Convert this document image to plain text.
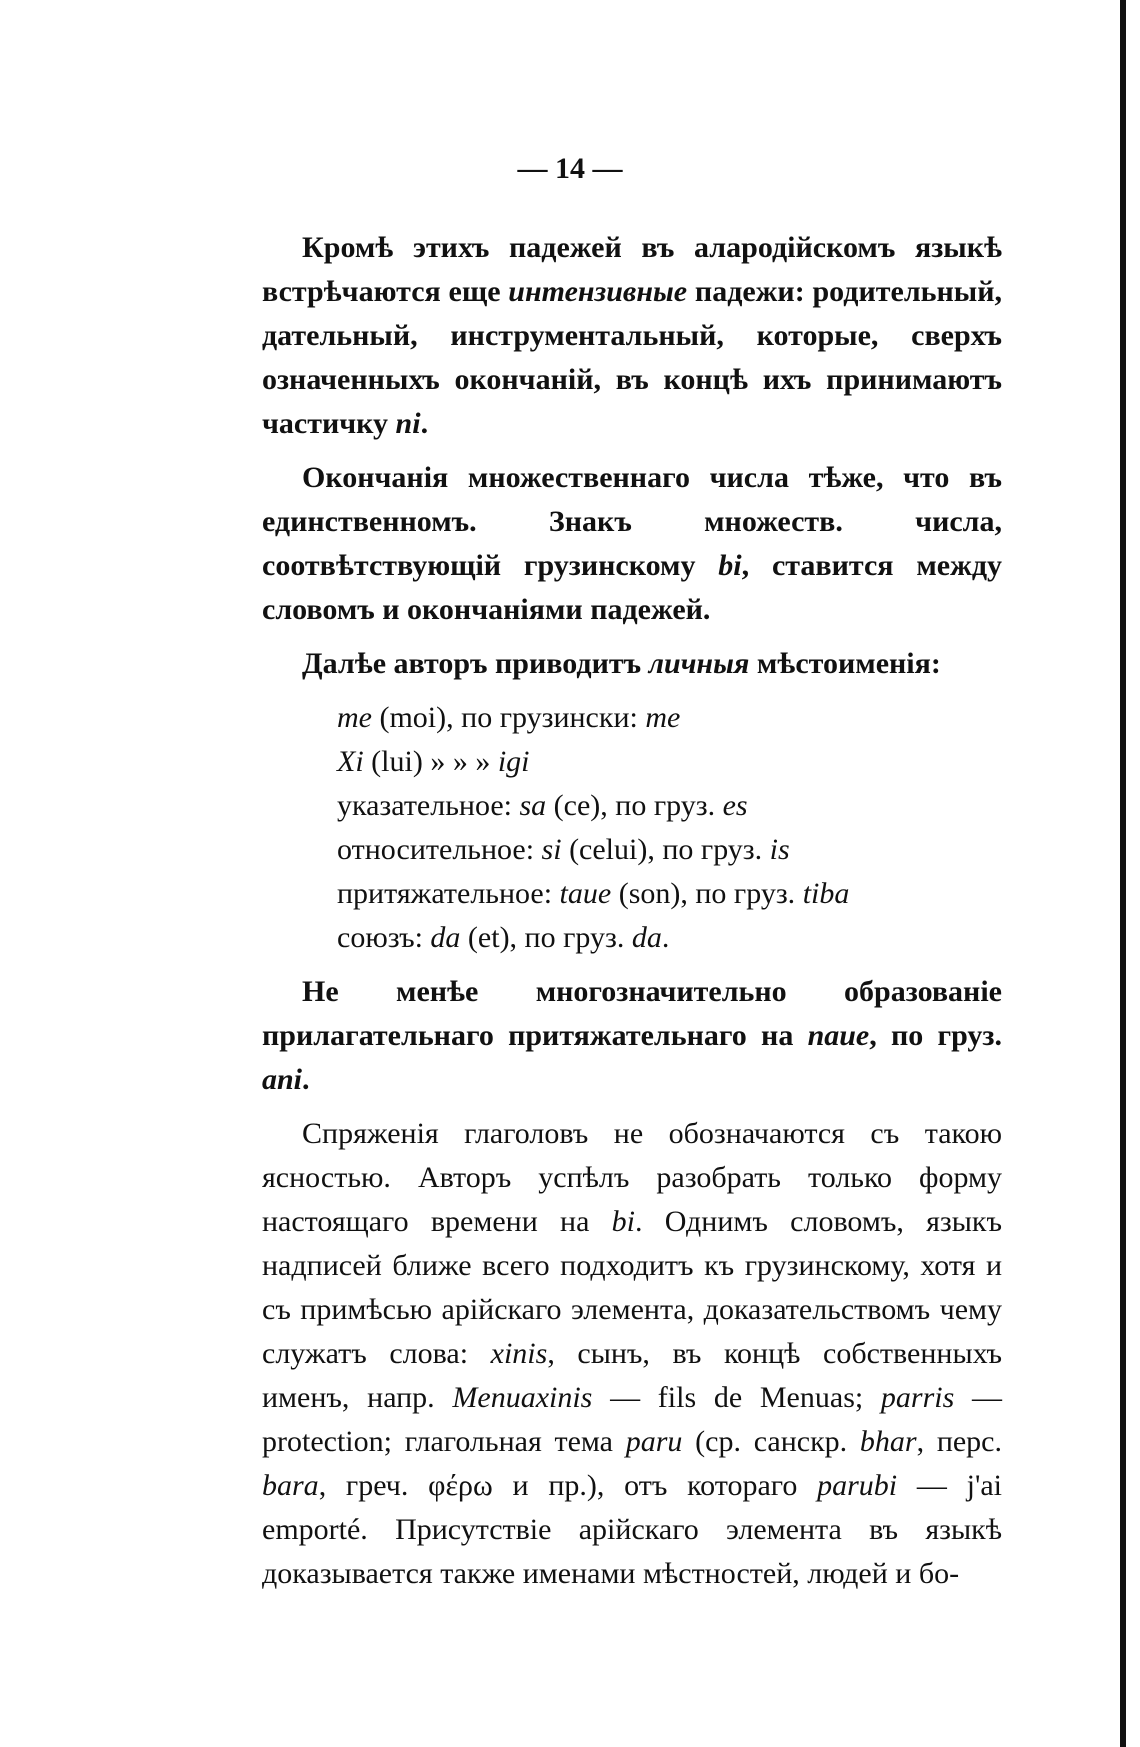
— 14 —

Кромѣ этихъ падежей въ алародійскомъ языкѣ встрѣчаются еще интензивные падежи: родительный, дательный, инструментальный, которые, сверхъ означенныхъ окончаній, въ концѣ ихъ принимаютъ частичку ni.

Окончанія множественнаго числа тѣже, что въ единственномъ. Знакъ множеств. числа, соотвѣтствующій грузинскому bi, ставится между словомъ и окончаніями падежей.

Далѣе авторъ приводитъ личныя мѣстоименія:

me (moi), по грузински: me
Xi (lui) » » » igi
указательное: sa (ce), по груз. es
относительное: si (celui), по груз. is
притяжательное: taue (son), по груз. tiba
союзъ: da (et), по груз. da.

Не менѣе многозначительно образованіе прилагательнаго притяжательнаго на naue, по груз. ani.

Спряженія глаголовъ не обозначаются съ такою ясностью. Авторъ успѣлъ разобрать только форму настоящаго времени на bi. Однимъ словомъ, языкъ надписей ближе всего подходитъ къ грузинскому, хотя и съ примѣсью арійскаго элемента, доказательствомъ чему служатъ слова: xinis, сынъ, въ концѣ собственныхъ именъ, напр. Menuaxinis — fils de Menuas; parris — protection; глагольная тема paru (ср. санскр. bhar, перс. bara, греч. φέρω и пр.), отъ котораго parubi — j'ai emporté. Присутствіе арійскаго элемента въ языкѣ доказывается также именами мѣстностей, людей и бо-
